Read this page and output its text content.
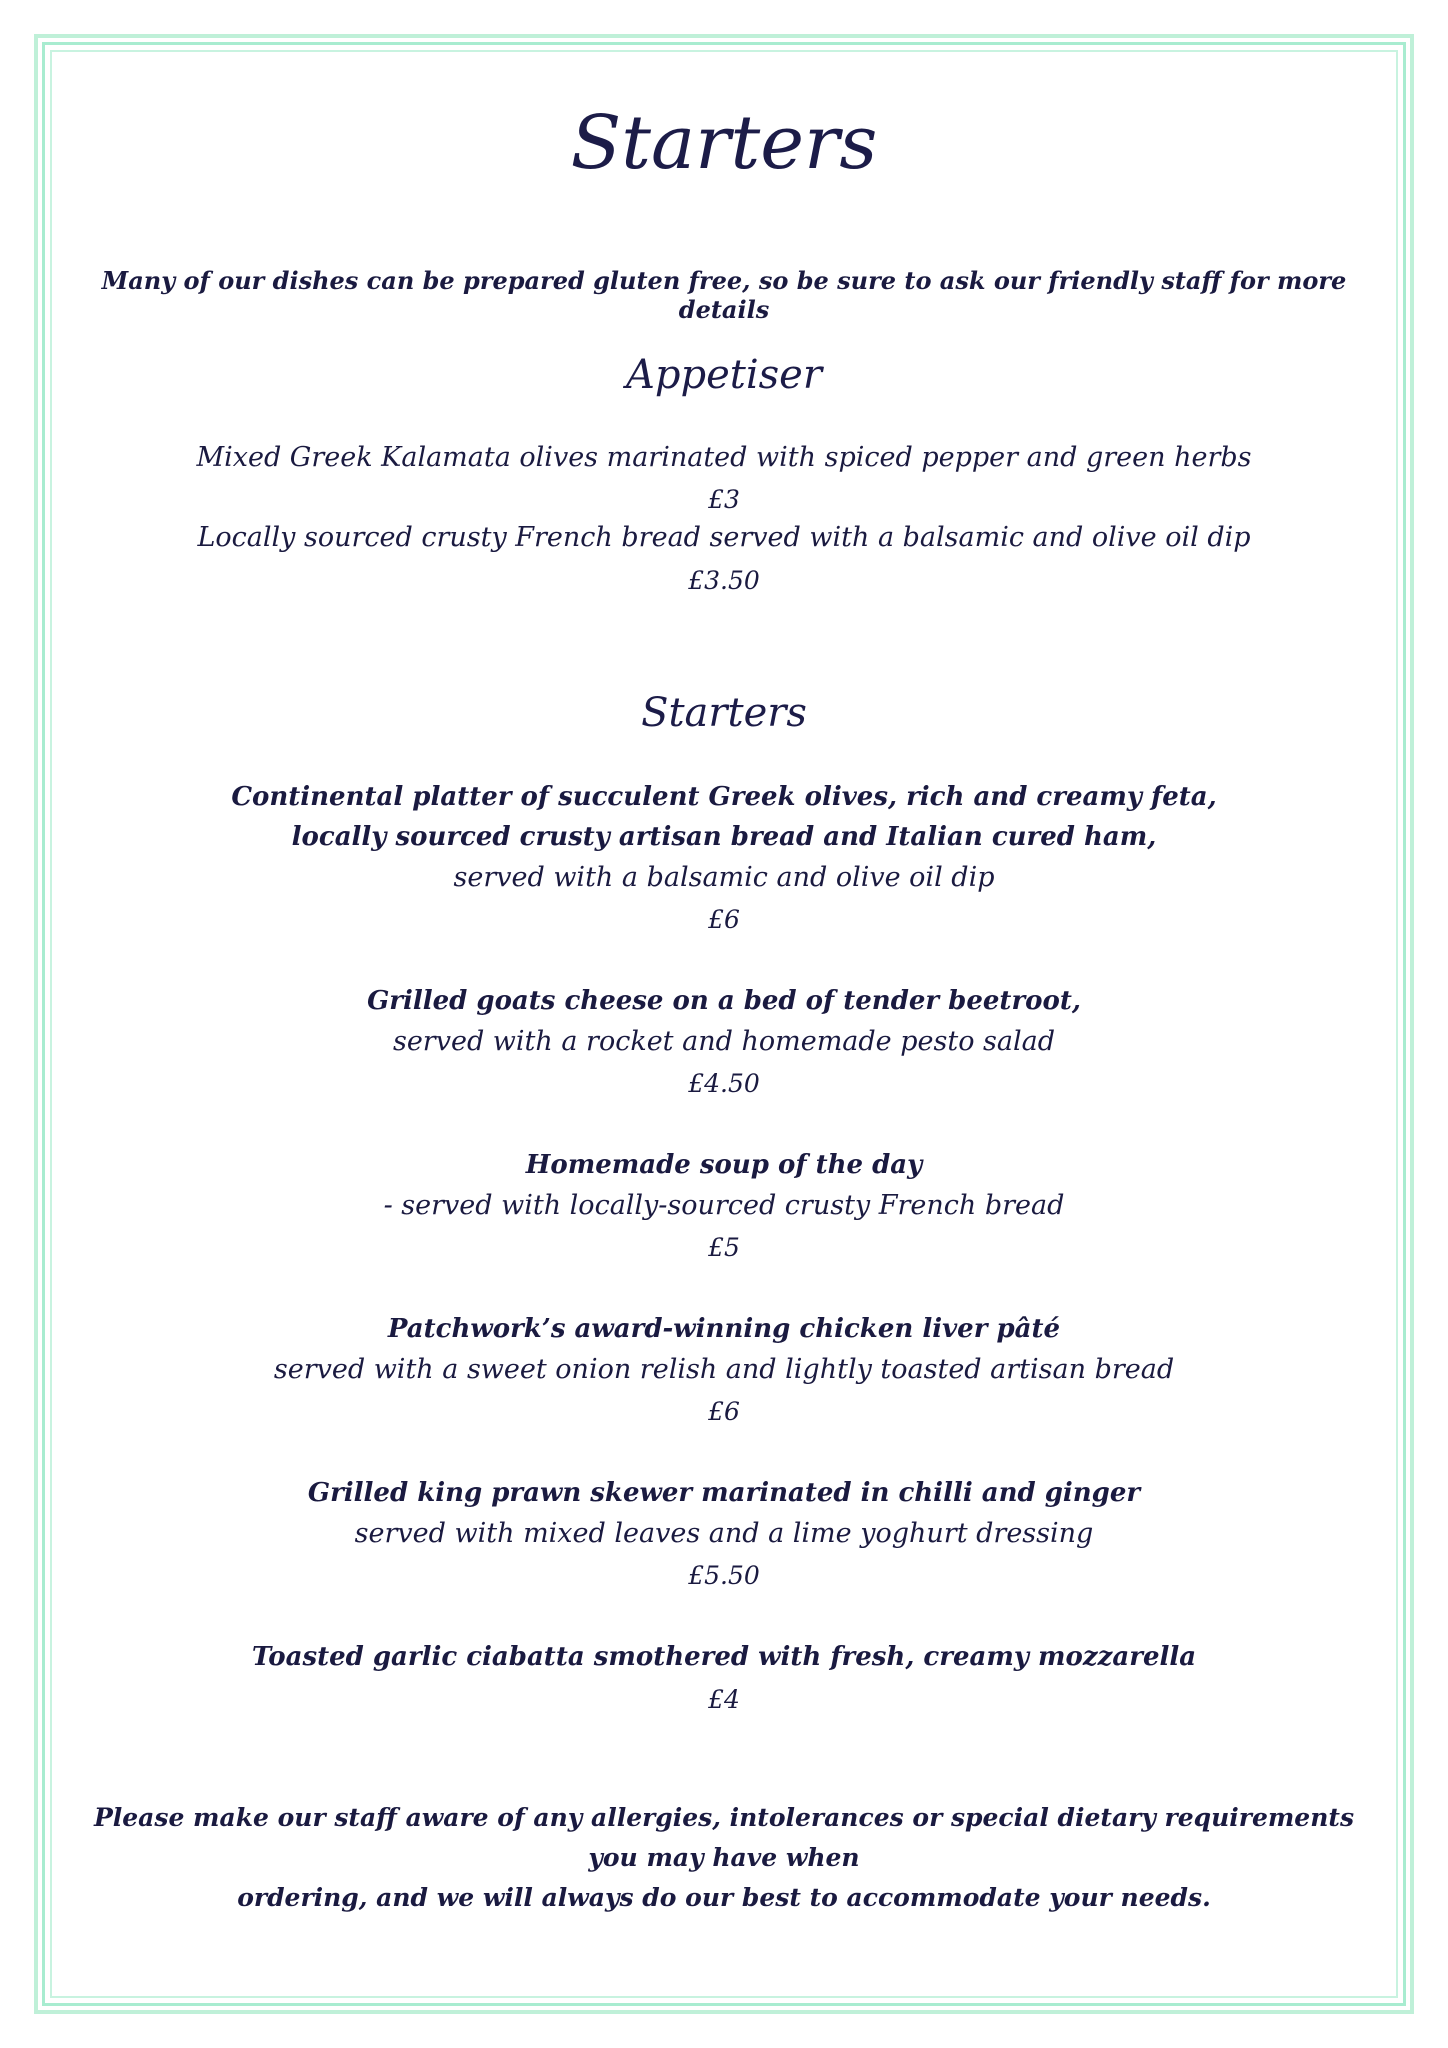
Starters
Many of our dishes can be prepared gluten free, so be sure to ask our friendly staff for more details
Appetiser
Mixed Greek Kalamata olives marinated with spiced pepper and green herbs
£3
Locally sourced crusty French bread served with a balsamic and olive oil dip
£3.50
Starters
Continental platter of succulent Greek olives, rich and creamy feta,
locally sourced crusty artisan bread and Italian cured ham,
served with a balsamic and olive oil dip
£6
Grilled goats cheese on a bed of tender beetroot,
served with a rocket and homemade pesto salad
£4.50
Homemade soup of the day
- served with locally-sourced crusty French bread
£5
Patchwork’s award-winning chicken liver pâté
served with a sweet onion relish and lightly toasted artisan bread
£6
Grilled king prawn skewer marinated in chilli and ginger
served with mixed leaves and a lime yoghurt dressing
£5.50
Toasted garlic ciabatta smothered with fresh, creamy mozzarella
£4
Please make our staff aware of any allergies, intolerances or special dietary requirements you may have when
ordering, and we will always do our best to accommodate your needs.
